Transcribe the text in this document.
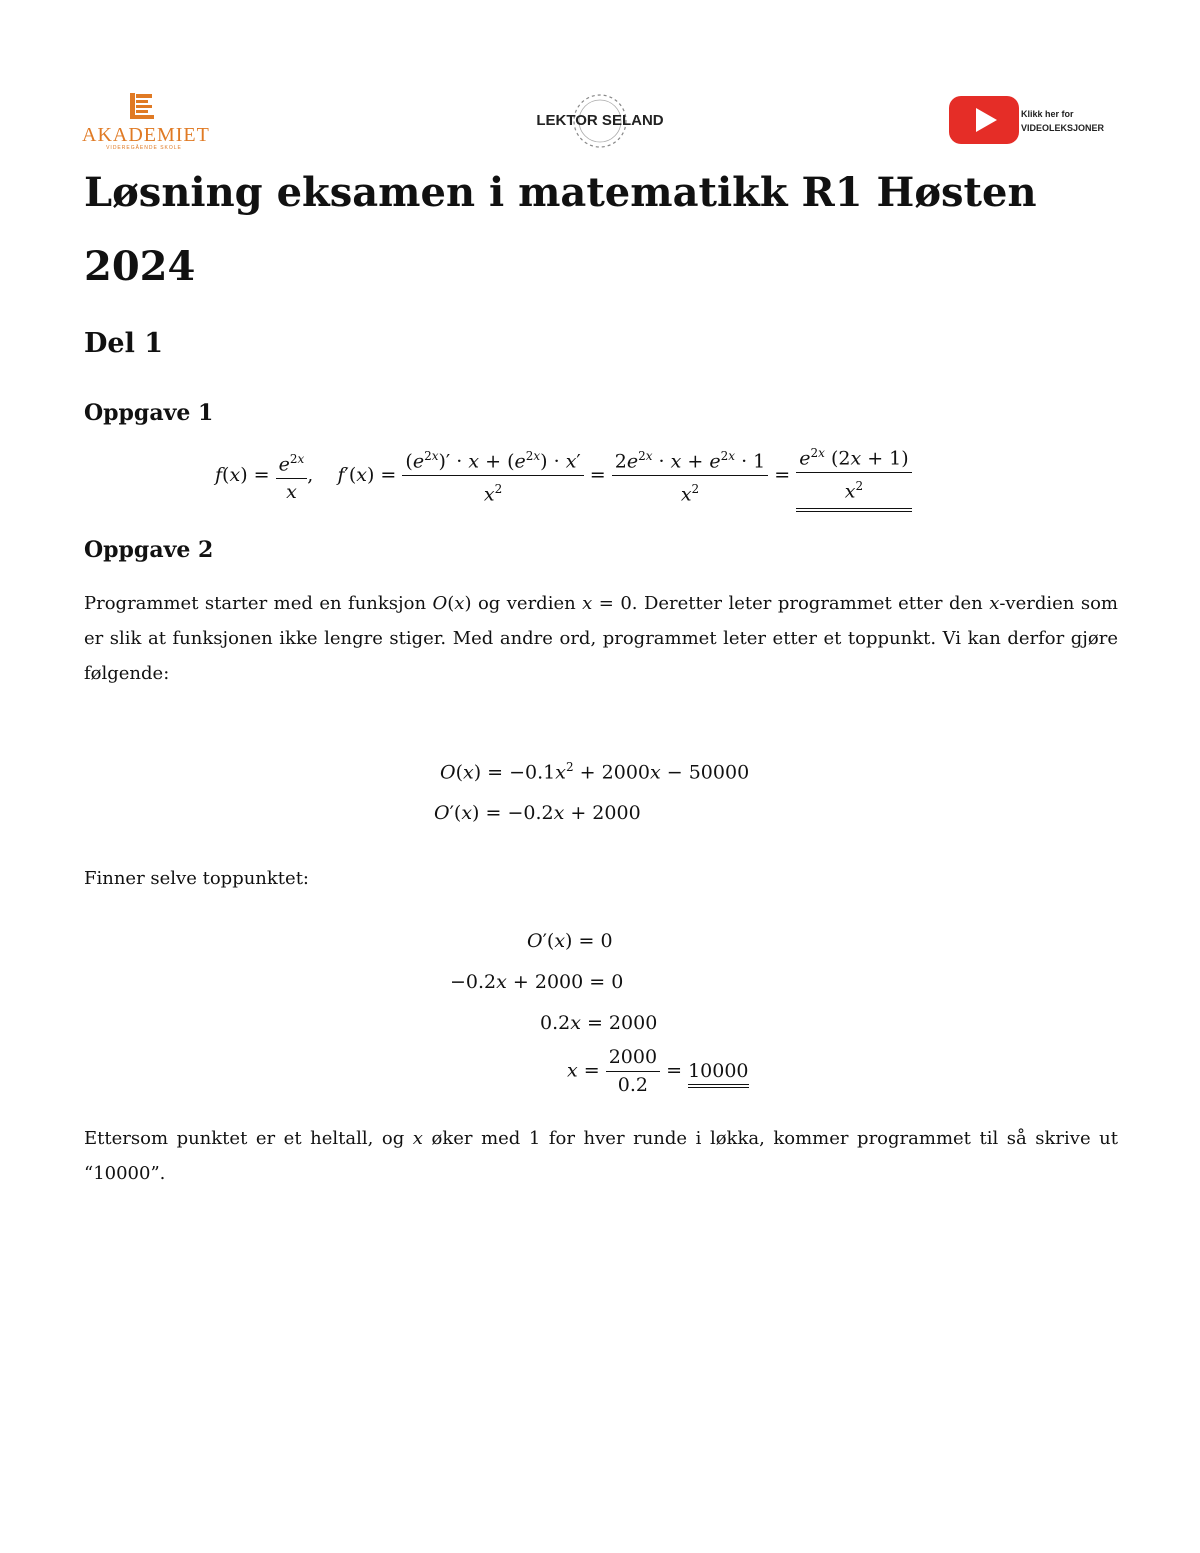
AKADEMIET
VIDEREGÅENDE SKOLE
LEKTOR SELAND	Klikk her for
VIDEOLEKSJONER
Løsning eksamen i matematikk R1 Høsten 2024
Del 1
Oppgave 1
$f(x) = \frac{e^{2x}}{x}$ ,    $f'(x) = \frac{(e^{2x})' \cdot x + (e^{2x}) \cdot x'}{x^2} = \frac{2e^{2x} \cdot x + e^{2x} \cdot 1}{x^2} = \frac{e^{2x} (2x + 1)}{x^2}$
Oppgave 2

Programmet starter med en funksjon O(x) og verdien x = 0. Deretter leter programmet etter den x-verdien som er slik at funksjonen ikke lengre stiger. Med andre ord, programmet leter etter et toppunkt. Vi kan derfor gjøre følgende:

$O(x) = -0.1x^2 + 2000x - 50000$
O′(x) = −0.2x + 2000

Finner selve toppunktet:

O′(x) = 0
−0.2x + 2000 = 0
0.2x = 2000
$x = \frac{2000}{0.2} = 10000$

Ettersom punktet er et heltall, og x øker med 1 for hver runde i løkka, kommer programmet til så skrive ut “10000”.
